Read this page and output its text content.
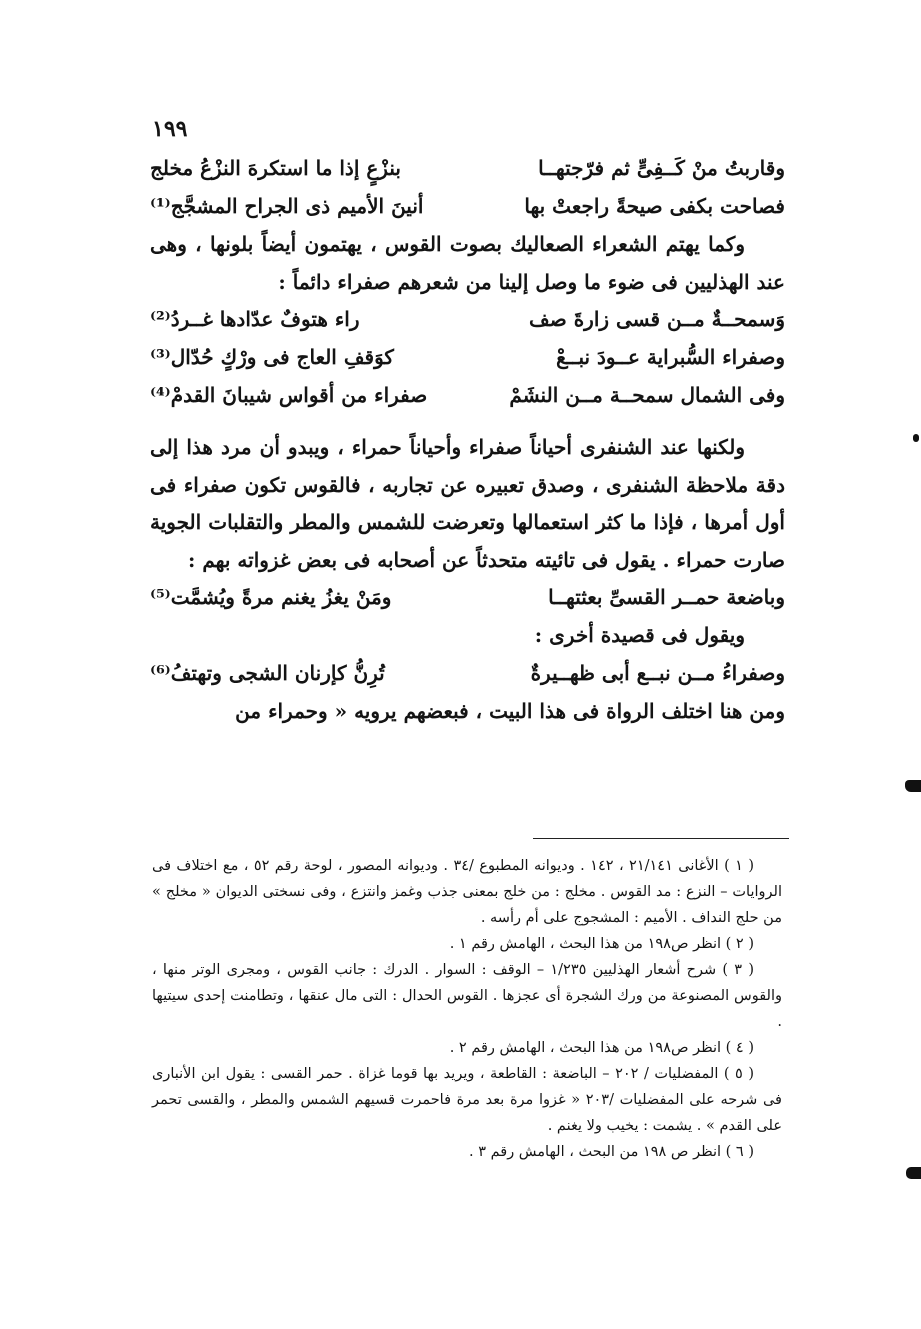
١٩٩
وقاربتُ منْ كَــفِىٍّ ثم فرّجتهــا
بنزْعٍ إذا ما استكرهَ النزْعُ مخلج
فصاحت بكفى صيحةً راجعتْ بها
أنينَ الأميم ذى الجراح المشجَّج⁽¹⁾
وكما يهتم الشعراء الصعاليك بصوت القوس ، يهتمون أيضاً بلونها ، وهى عند الهذليين فى ضوء ما وصل إلينا من شعرهم صفراء دائماً :
وَسمحــةٌ مــن قسى زارةَ صف
راء هتوفٌ عدّادها غــردُ⁽²⁾
وصفراء السُّبراية عــودَ نبــعْ
كوَقفِ العاج فى ورْكٍ حُدّال⁽³⁾
وفى الشمال سمحــة مــن النشَمْ
صفراء من أقواس شيبانَ القدمْ⁽⁴⁾
ولكنها عند الشنفرى أحياناً صفراء وأحياناً حمراء ، ويبدو أن مرد هذا إلى دقة ملاحظة الشنفرى ، وصدق تعبيره عن تجاربه ، فالقوس تكون صفراء فى أول أمرها ، فإذا ما كثر استعمالها وتعرضت للشمس والمطر والتقلبات الجوية صارت حمراء . يقول فى تائيته متحدثاً عن أصحابه فى بعض غزواته بهم :
وباضعة حمــر القسىِّ بعثتهــا
ومَنْ يغزُ يغنم مرةً ويُشمَّت⁽⁵⁾
ويقول فى قصيدة أخرى :
وصفراءُ مــن نبــع أبى ظهــيرةٌ
تُرِنُّ كإرنان الشجى وتهتفُ⁽⁶⁾
ومن هنا اختلف الرواة فى هذا البيت ، فبعضهم يرويه « وحمراء من

( ١ ) الأغانى ٢١/١٤١ ، ١٤٢ . وديوانه المطبوع /٣٤ . وديوانه المصور ، لوحة رقم ٥٢ ، مع اختلاف فى الروايات – النزع : مد القوس . مخلج : من خلج بمعنى جذب وغمز وانتزع ، وفى نسختى الديوان « مخلج » من حلج النداف . الأميم : المشجوج على أم رأسه .

( ٢ ) انظر ص١٩٨ من هذا البحث ، الهامش رقم ١ .

( ٣ ) شرح أشعار الهذليين ١/٢٣٥ – الوقف : السوار . الدرك : جانب القوس ، ومجرى الوتر منها ، والقوس المصنوعة من ورك الشجرة أى عجزها . القوس الحدال : التى مال عنقها ، وتطامنت إحدى سيتيها .

( ٤ ) انظر ص١٩٨ من هذا البحث ، الهامش رقم ٢ .

( ٥ ) المفضليات / ٢٠٢ – الباضعة : القاطعة ، ويريد بها قوما غزاة . حمر القسى : يقول ابن الأنبارى فى شرحه على المفضليات /٢٠٣ « غزوا مرة بعد مرة فاحمرت قسيهم الشمس والمطر ، والقسى تحمر على القدم » . يشمت : يخيب ولا يغنم .

( ٦ ) انظر ص ١٩٨ من البحث ، الهامش رقم ٣ .
